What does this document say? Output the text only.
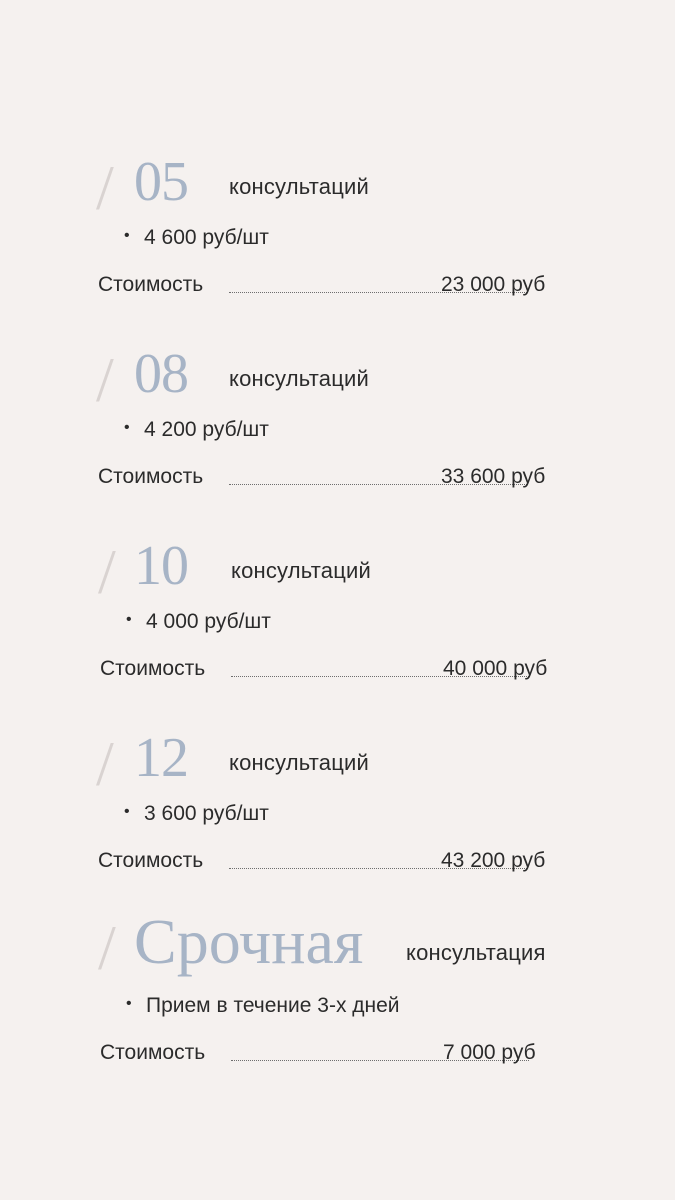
/ 05 консультаций
• 4 600 руб/шт
Стоимость	23 000 руб
/ 08 консультаций
• 4 200 руб/шт
Стоимость	33 600 руб
/ 10 консультаций
• 4 000 руб/шт
Стоимость	40 000 руб
/ 12 консультаций
• 3 600 руб/шт
Стоимость	43 200 руб
/ Срочная консультация
• Прием в течение 3-х дней
Стоимость	7 000 руб
